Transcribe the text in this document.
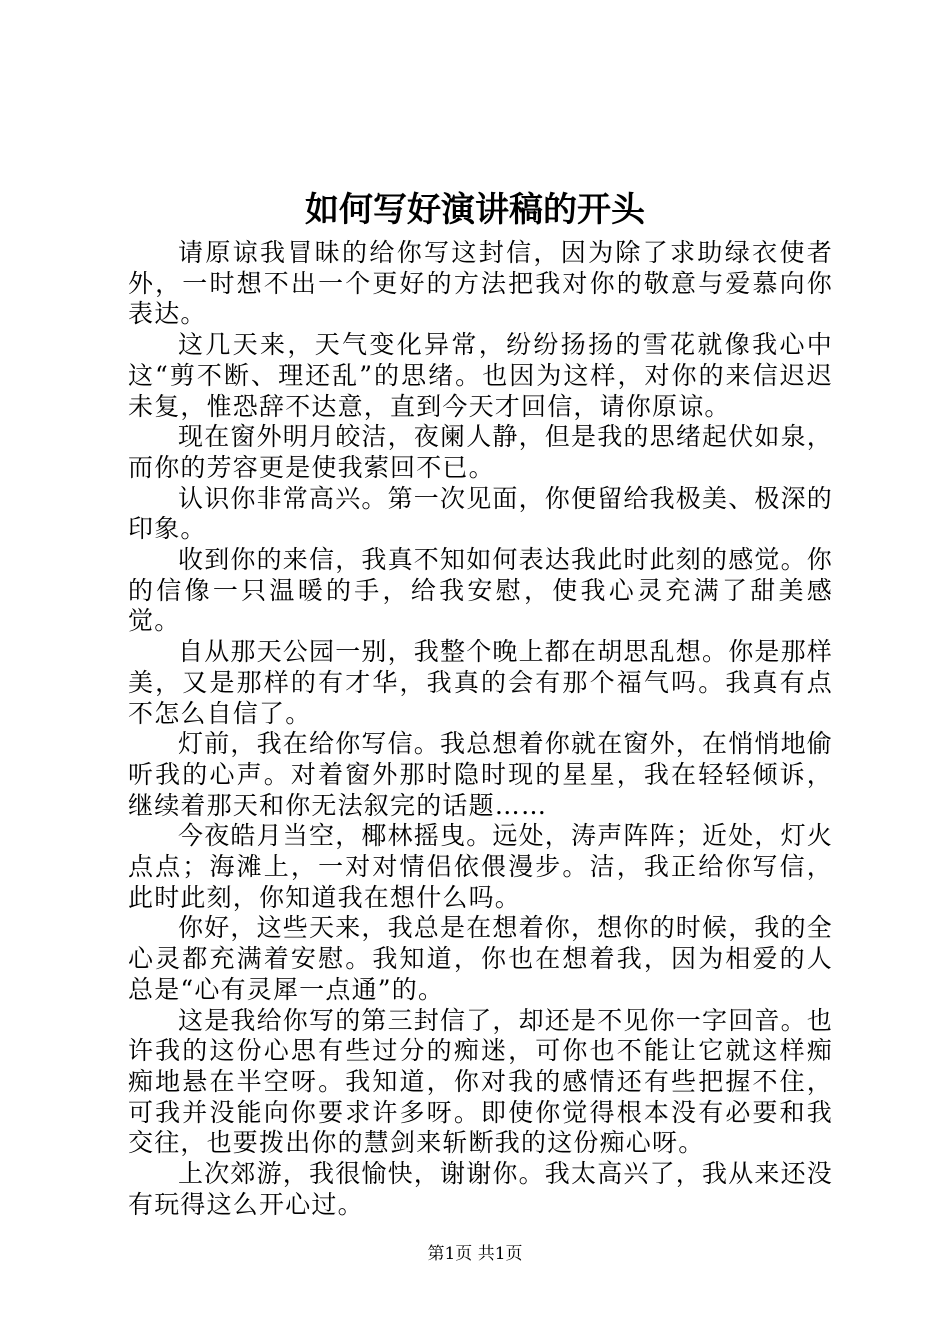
如何写好演讲稿的开头

请原谅我冒昧的给你写这封信，因为除了求助绿衣使者外，一时想不出一个更好的方法把我对你的敬意与爱慕向你表达。

这几天来，天气变化异常，纷纷扬扬的雪花就像我心中这“剪不断、理还乱”的思绪。也因为这样，对你的来信迟迟未复，惟恐辞不达意，直到今天才回信，请你原谅。

现在窗外明月皎洁，夜阑人静，但是我的思绪起伏如泉，而你的芳容更是使我萦回不已。

认识你非常高兴。第一次见面，你便留给我极美、极深的印象。

收到你的来信，我真不知如何表达我此时此刻的感觉。你的信像一只温暖的手，给我安慰，使我心灵充满了甜美感觉。

自从那天公园一别，我整个晚上都在胡思乱想。你是那样美，又是那样的有才华，我真的会有那个福气吗。我真有点不怎么自信了。

灯前，我在给你写信。我总想着你就在窗外，在悄悄地偷听我的心声。对着窗外那时隐时现的星星，我在轻轻倾诉，继续着那天和你无法叙完的话题……

今夜皓月当空，椰林摇曳。远处，涛声阵阵；近处，灯火点点；海滩上，一对对情侣依偎漫步。洁，我正给你写信，此时此刻，你知道我在想什么吗。

你好，这些天来，我总是在想着你，想你的时候，我的全心灵都充满着安慰。我知道，你也在想着我，因为相爱的人总是“心有灵犀一点通”的。

这是我给你写的第三封信了，却还是不见你一字回音。也许我的这份心思有些过分的痴迷，可你也不能让它就这样痴痴地悬在半空呀。我知道，你对我的感情还有些把握不住，可我并没能向你要求许多呀。即使你觉得根本没有必要和我交往，也要拨出你的慧剑来斩断我的这份痴心呀。

上次郊游，我很愉快，谢谢你。我太高兴了，我从来还没有玩得这么开心过。

第1页 共1页
